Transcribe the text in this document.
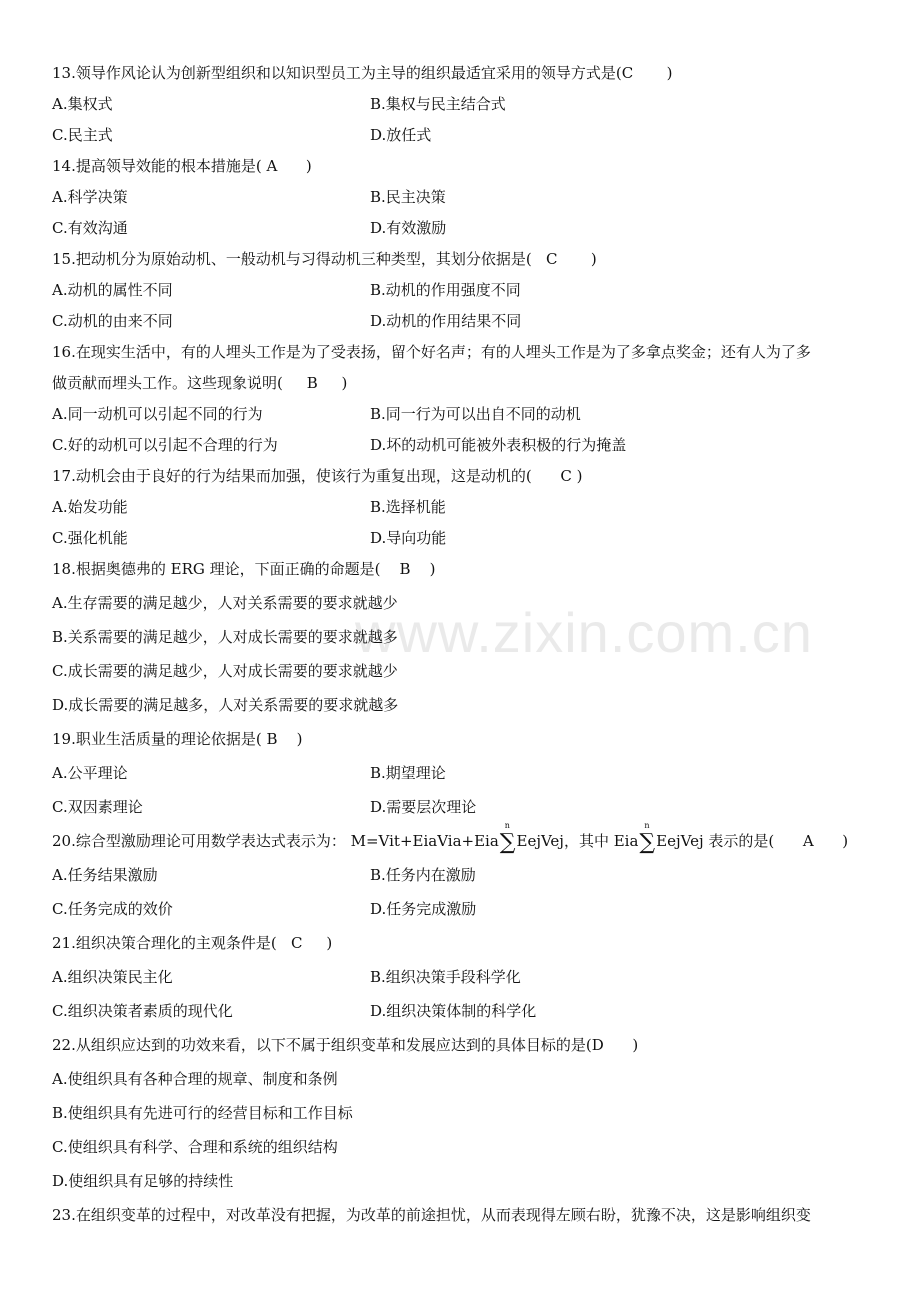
www.zixin.com.cn
13.领导作风论认为创新型组织和以知识型员工为主导的组织最适宜采用的领导方式是(C       )
A.集权式	B.集权与民主结合式
C.民主式	D.放任式
14.提高领导效能的根本措施是( A      )
A.科学决策	B.民主决策
C.有效沟通	D.有效激励
15.把动机分为原始动机、一般动机与习得动机三种类型，其划分依据是(   C       )
A.动机的属性不同	B.动机的作用强度不同
C.动机的由来不同	D.动机的作用结果不同
16.在现实生活中，有的人埋头工作是为了受表扬，留个好名声；有的人埋头工作是为了多拿点奖金；还有人为了多
做贡献而埋头工作。这些现象说明(     B     )
A.同一动机可以引起不同的行为	B.同一行为可以出自不同的动机
C.好的动机可以引起不合理的行为	D.坏的动机可能被外表积极的行为掩盖
17.动机会由于良好的行为结果而加强，使该行为重复出现，这是动机的(      C )
A.始发功能	B.选择机能
C.强化机能	D.导向功能
18.根据奥德弗的 ERG 理论，下面正确的命题是(    B    )
A.生存需要的满足越少，人对关系需要的要求就越少
B.关系需要的满足越少，人对成长需要的要求就越多
C.成长需要的满足越少，人对成长需要的要求就越少
D.成长需要的满足越多，人对关系需要的要求就越多
19.职业生活质量的理论依据是( B    )
A.公平理论	B.期望理论
C.双因素理论	D.需要层次理论
20.综合型激励理论可用数学表达式表示为： M=Vit+EiaVia+Eia
n
∑EejVej，其中 Eia
n
∑EejVej 表示的是(      A      )
A.任务结果激励	B.任务内在激励
C.任务完成的效价	D.任务完成激励
21.组织决策合理化的主观条件是(   C     )
A.组织决策民主化	B.组织决策手段科学化
C.组织决策者素质的现代化	D.组织决策体制的科学化
22.从组织应达到的功效来看，以下不属于组织变革和发展应达到的具体目标的是(D      )
A.使组织具有各种合理的规章、制度和条例
B.使组织具有先进可行的经营目标和工作目标
C.使组织具有科学、合理和系统的组织结构
D.使组织具有足够的持续性
23.在组织变革的过程中，对改革没有把握，为改革的前途担忧，从而表现得左顾右盼，犹豫不决，这是影响组织变
